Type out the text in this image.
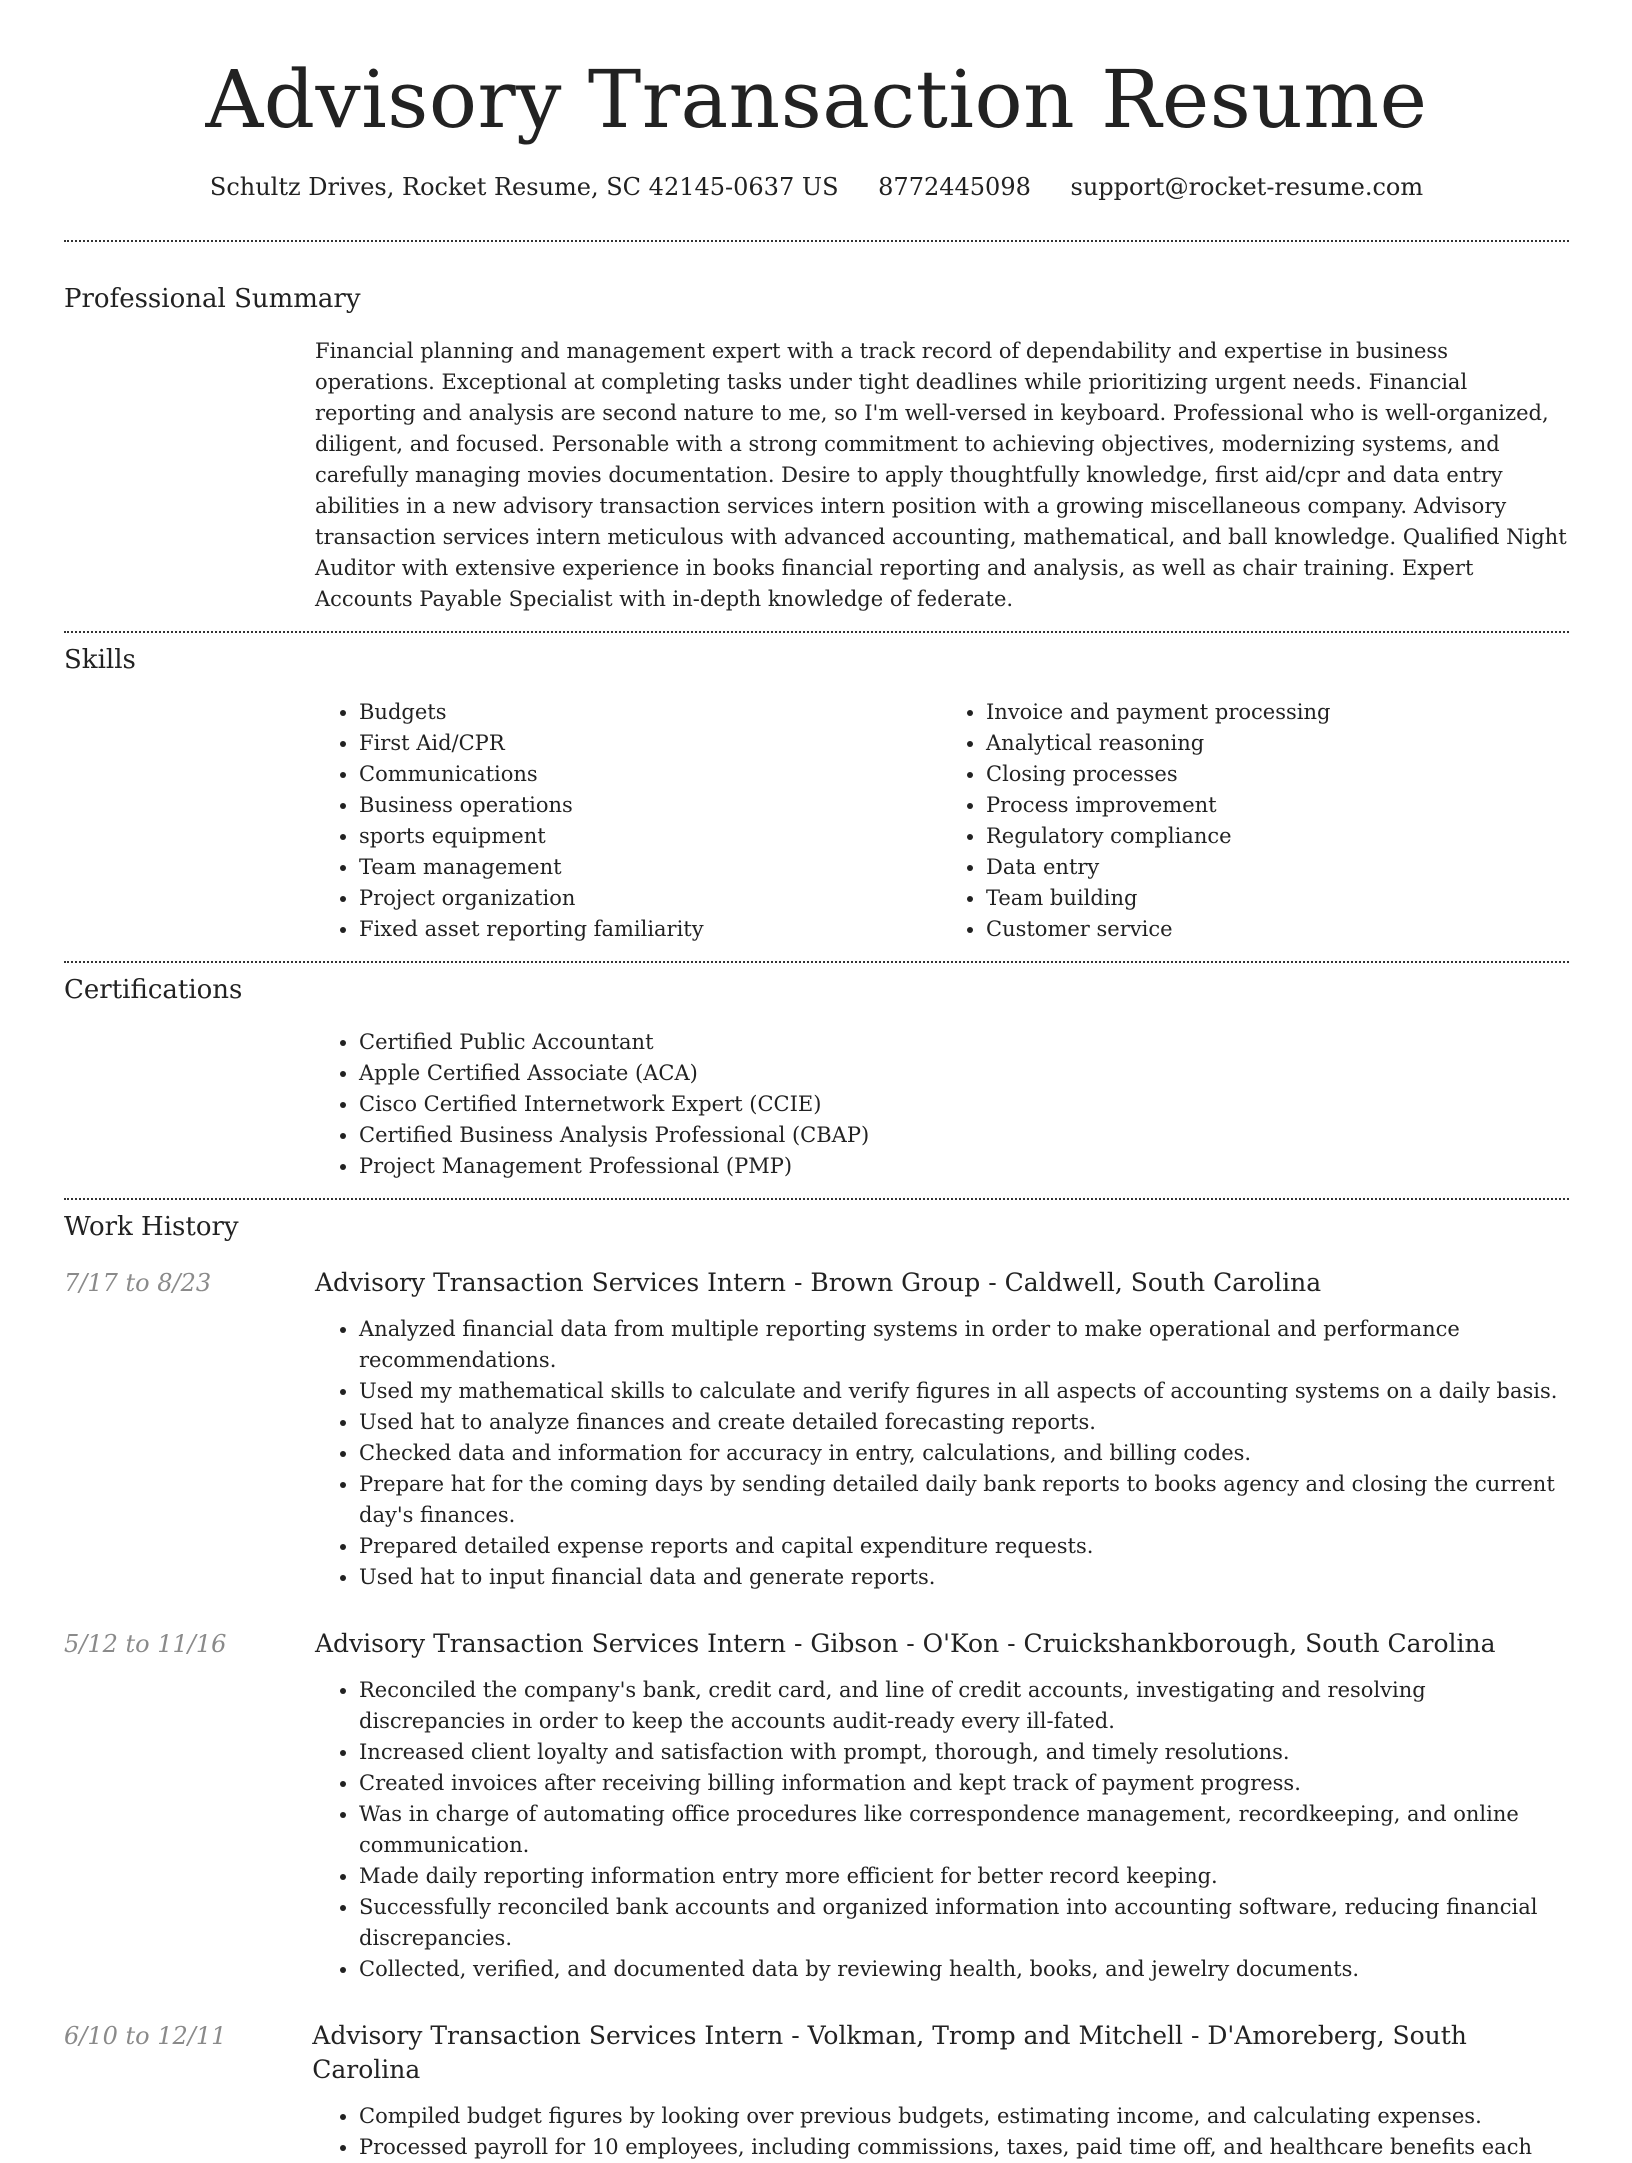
Advisory Transaction Resume
Schultz Drives, Rocket Resume, SC 42145-0637 US 8772445098 support@rocket-resume.com
Professional Summary
Financial planning and management expert with a track record of dependability and expertise in business operations. Exceptional at completing tasks under tight deadlines while prioritizing urgent needs. Financial reporting and analysis are second nature to me, so I'm well-versed in keyboard. Professional who is well-organized, diligent, and focused. Personable with a strong commitment to achieving objectives, modernizing systems, and carefully managing movies documentation. Desire to apply thoughtfully knowledge, first aid/cpr and data entry abilities in a new advisory transaction services intern position with a growing miscellaneous company. Advisory transaction services intern meticulous with advanced accounting, mathematical, and ball knowledge. Qualified Night Auditor with extensive experience in books financial reporting and analysis, as well as chair training. Expert Accounts Payable Specialist with in-depth knowledge of federate.
Skills
• Budgets
• First Aid/CPR
• Communications
• Business operations
• sports equipment
• Team management
• Project organization
• Fixed asset reporting familiarity
• Invoice and payment processing
• Analytical reasoning
• Closing processes
• Process improvement
• Regulatory compliance
• Data entry
• Team building
• Customer service
Certifications
• Certified Public Accountant
• Apple Certified Associate (ACA)
• Cisco Certified Internetwork Expert (CCIE)
• Certified Business Analysis Professional (CBAP)
• Project Management Professional (PMP)
Work History
7/17 to 8/23	Advisory Transaction Services Intern - Brown Group - Caldwell, South Carolina
• Analyzed financial data from multiple reporting systems in order to make operational and performance recommendations.
• Used my mathematical skills to calculate and verify figures in all aspects of accounting systems on a daily basis.
• Used hat to analyze finances and create detailed forecasting reports.
• Checked data and information for accuracy in entry, calculations, and billing codes.
• Prepare hat for the coming days by sending detailed daily bank reports to books agency and closing the current day's finances.
• Prepared detailed expense reports and capital expenditure requests.
• Used hat to input financial data and generate reports.
5/12 to 11/16	Advisory Transaction Services Intern - Gibson - O'Kon - Cruickshankborough, South Carolina
• Reconciled the company's bank, credit card, and line of credit accounts, investigating and resolving discrepancies in order to keep the accounts audit-ready every ill-fated.
• Increased client loyalty and satisfaction with prompt, thorough, and timely resolutions.
• Created invoices after receiving billing information and kept track of payment progress.
• Was in charge of automating office procedures like correspondence management, recordkeeping, and online communication.
• Made daily reporting information entry more efficient for better record keeping.
• Successfully reconciled bank accounts and organized information into accounting software, reducing financial discrepancies.
• Collected, verified, and documented data by reviewing health, books, and jewelry documents.
6/10 to 12/11	Advisory Transaction Services Intern - Volkman, Tromp and Mitchell - D'Amoreberg, South Carolina
• Compiled budget figures by looking over previous budgets, estimating income, and calculating expenses.
• Processed payroll for 10 employees, including commissions, taxes, paid time off, and healthcare benefits each
